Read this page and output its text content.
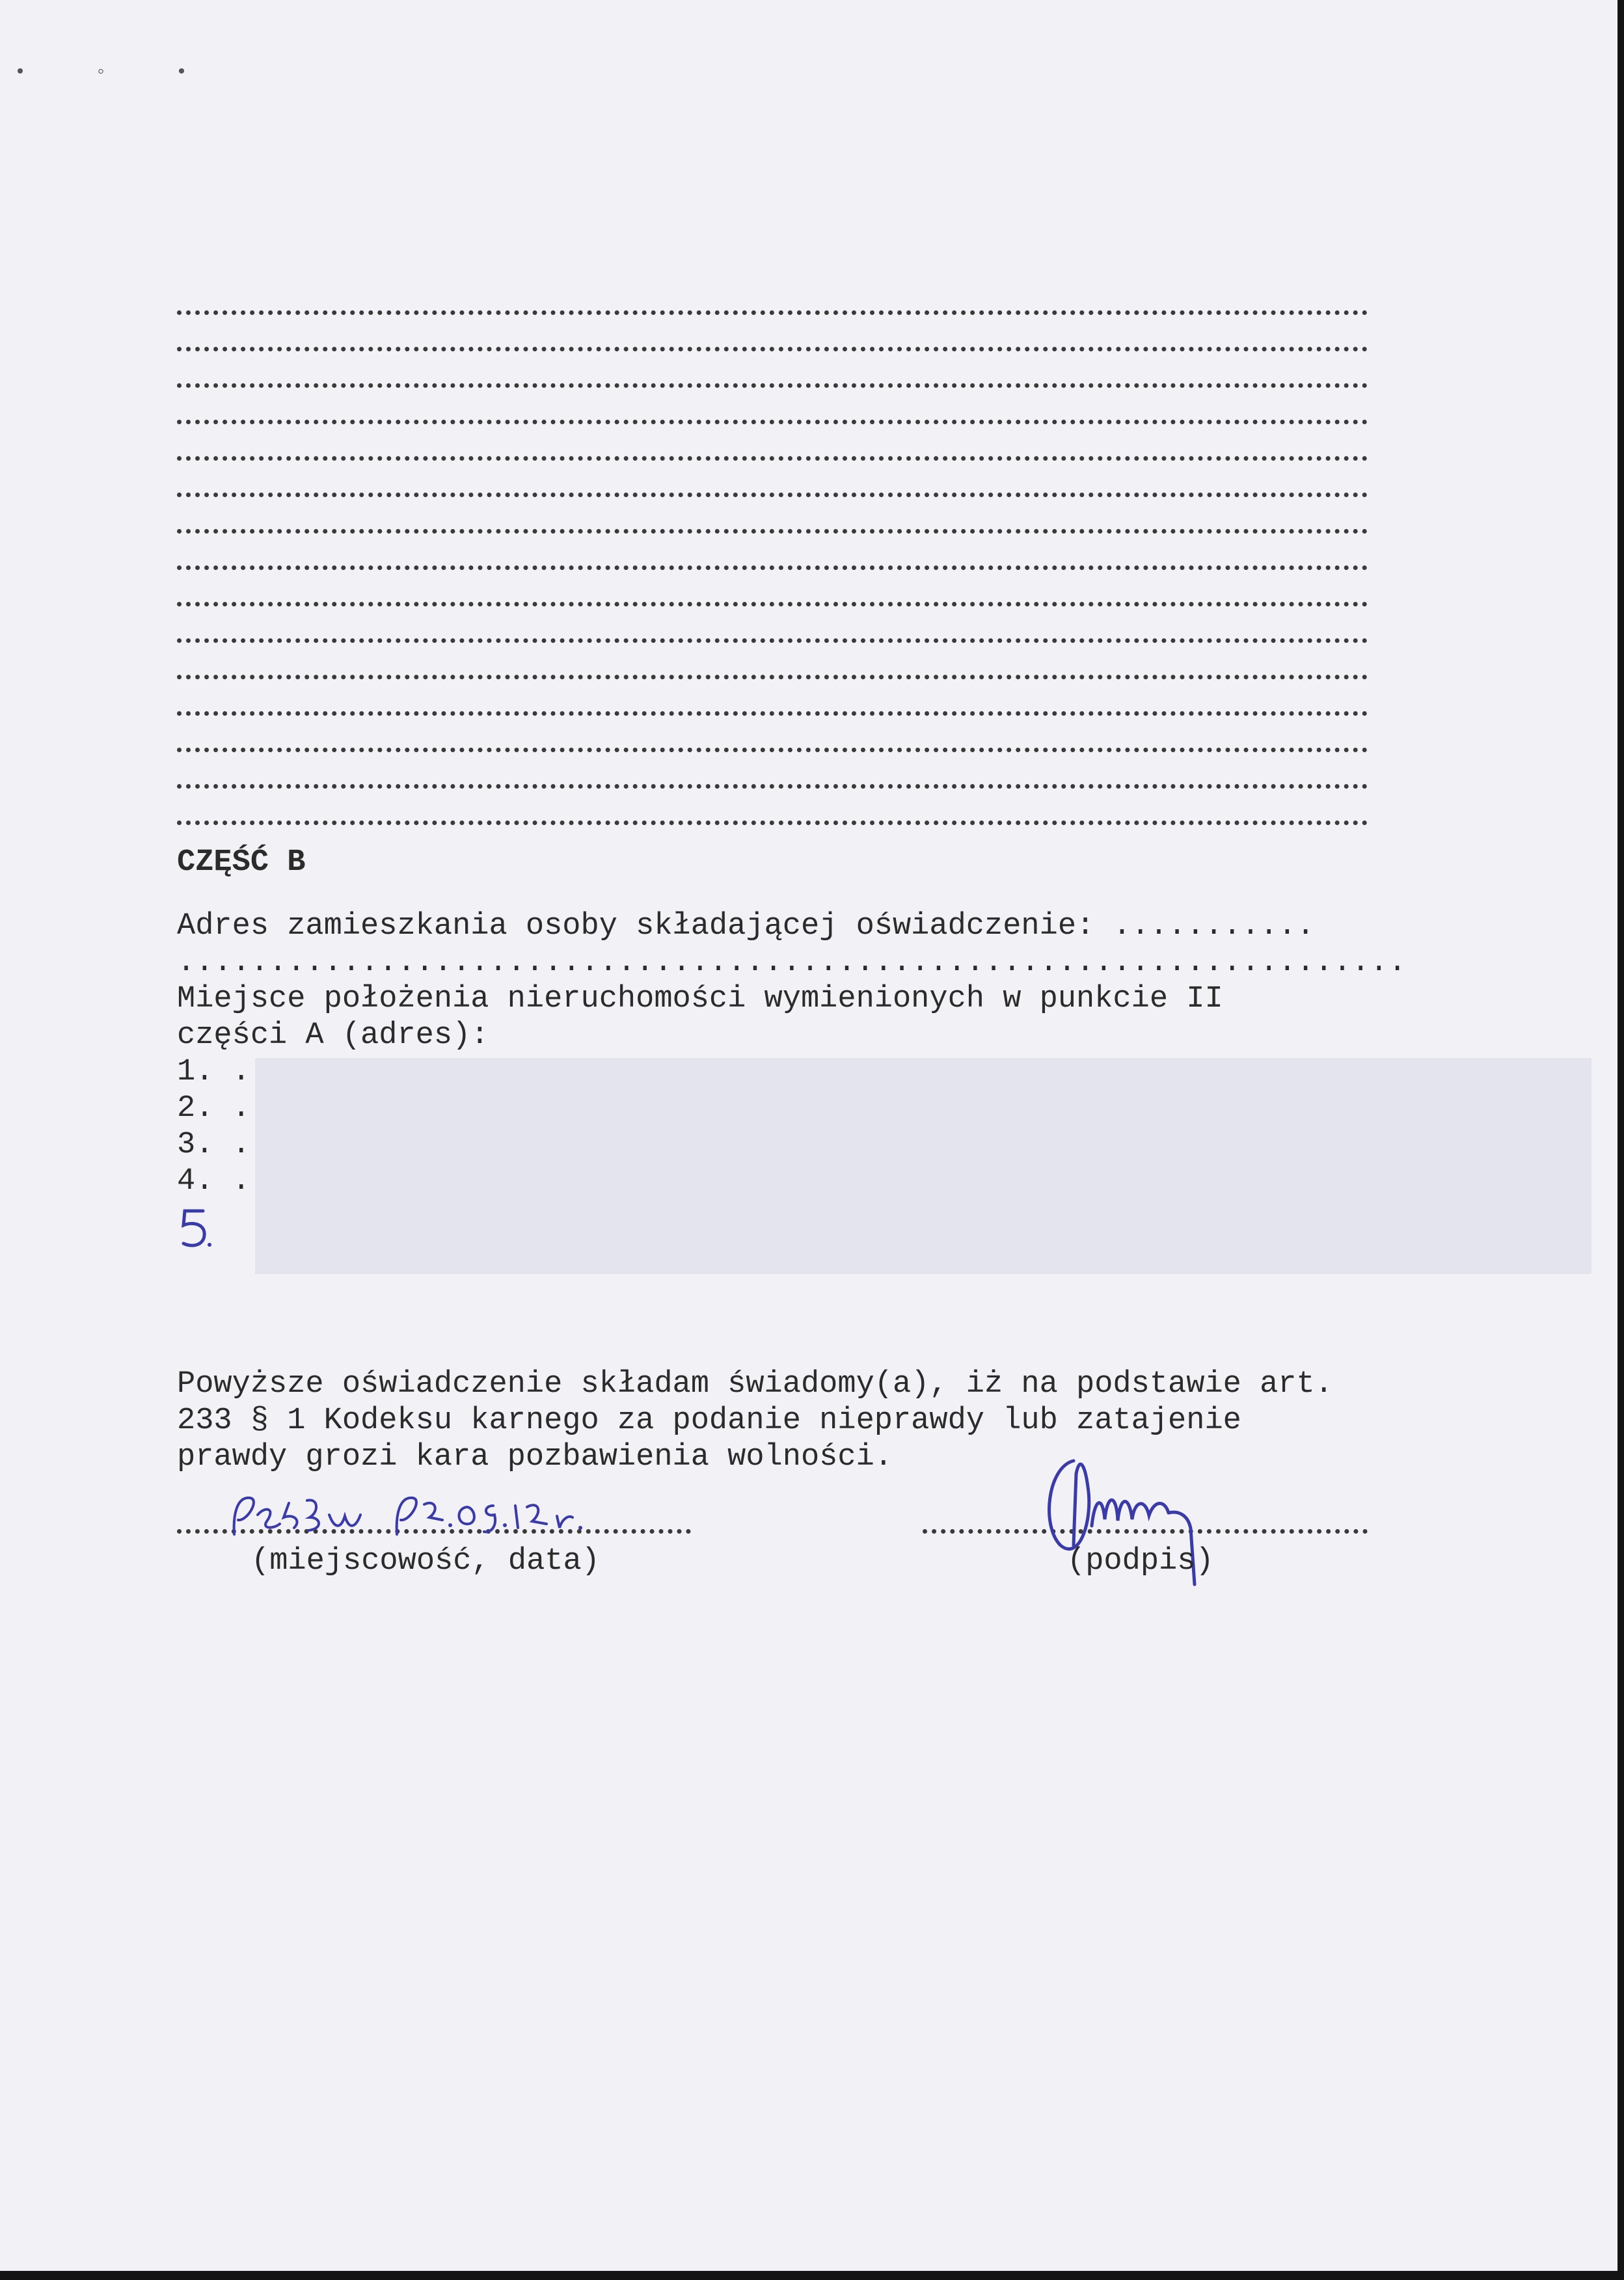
• ◦ •
CZĘŚĆ B
Adres zamieszkania osoby składającej oświadczenie: ...........
...................................................................
Miejsce położenia nieruchomości wymienionych w punkcie II
części A (adres):
1. .
2. .
3. .
4. .
Powyższe oświadczenie składam świadomy(a), iż na podstawie art.
233 § 1 Kodeksu karnego za podanie nieprawdy lub zatajenie
prawdy grozi kara pozbawienia wolności.
(miejscowość, data)	(podpis)
